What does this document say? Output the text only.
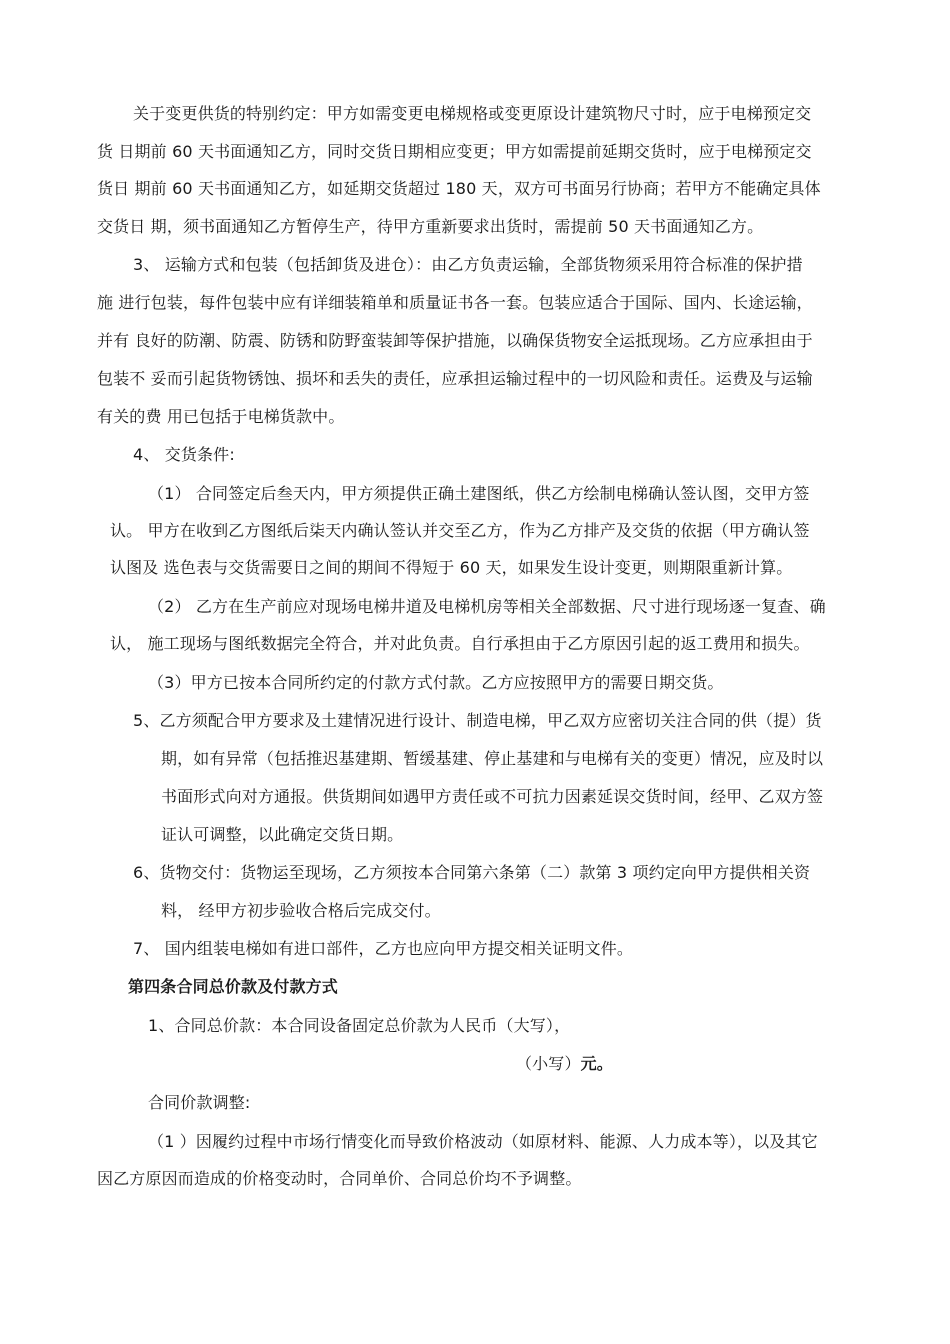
关于变更供货的特别约定：甲方如需变更电梯规格或变更原设计建筑物尺寸时，应于电梯预定交
货 日期前 60 天书面通知乙方，同时交货日期相应变更；甲方如需提前延期交货时，应于电梯预定交
货日 期前 60 天书面通知乙方，如延期交货超过 180 天，双方可书面另行协商；若甲方不能确定具体
交货日 期，须书面通知乙方暂停生产，待甲方重新要求出货时，需提前 50 天书面通知乙方。
3、 运输方式和包装（包括卸货及进仓）：由乙方负责运输，全部货物须采用符合标准的保护措
施 进行包装，每件包装中应有详细装箱单和质量证书各一套。包装应适合于国际、国内、长途运输，
并有 良好的防潮、防震、防锈和防野蛮装卸等保护措施，以确保货物安全运抵现场。乙方应承担由于
包装不 妥而引起货物锈蚀、损坏和丢失的责任，应承担运输过程中的一切风险和责任。运费及与运输
有关的费 用已包括于电梯货款中。
4、 交货条件:
（1） 合同签定后叁天内，甲方须提供正确土建图纸，供乙方绘制电梯确认签认图，交甲方签
认。 甲方在收到乙方图纸后柒天内确认签认并交至乙方，作为乙方排产及交货的依据（甲方确认签
认图及 选色表与交货需要日之间的期间不得短于 60 天，如果发生设计变更，则期限重新计算。
（2） 乙方在生产前应对现场电梯井道及电梯机房等相关全部数据、尺寸进行现场逐一复查、确
认， 施工现场与图纸数据完全符合，并对此负责。自行承担由于乙方原因引起的返工费用和损失。
（3）甲方已按本合同所约定的付款方式付款。乙方应按照甲方的需要日期交货。
5、乙方须配合甲方要求及土建情况进行设计、制造电梯，甲乙双方应密切关注合同的供（提）货
期，如有异常（包括推迟基建期、暂缓基建、停止基建和与电梯有关的变更）情况，应及时以
书面形式向对方通报。供货期间如遇甲方责任或不可抗力因素延误交货时间，经甲、乙双方签
证认可调整，以此确定交货日期。
6、货物交付：货物运至现场，乙方须按本合同第六条第（二）款第 3 项约定向甲方提供相关资
料， 经甲方初步验收合格后完成交付。
7、 国内组装电梯如有进口部件，乙方也应向甲方提交相关证明文件。
第四条合同总价款及付款方式
1、合同总价款：本合同设备固定总价款为人民币（大写），
（小写）元。
合同价款调整:
（1 ）因履约过程中市场行情变化而导致价格波动（如原材料、能源、人力成本等），以及其它
因乙方原因而造成的价格变动时，合同单价、合同总价均不予调整。
